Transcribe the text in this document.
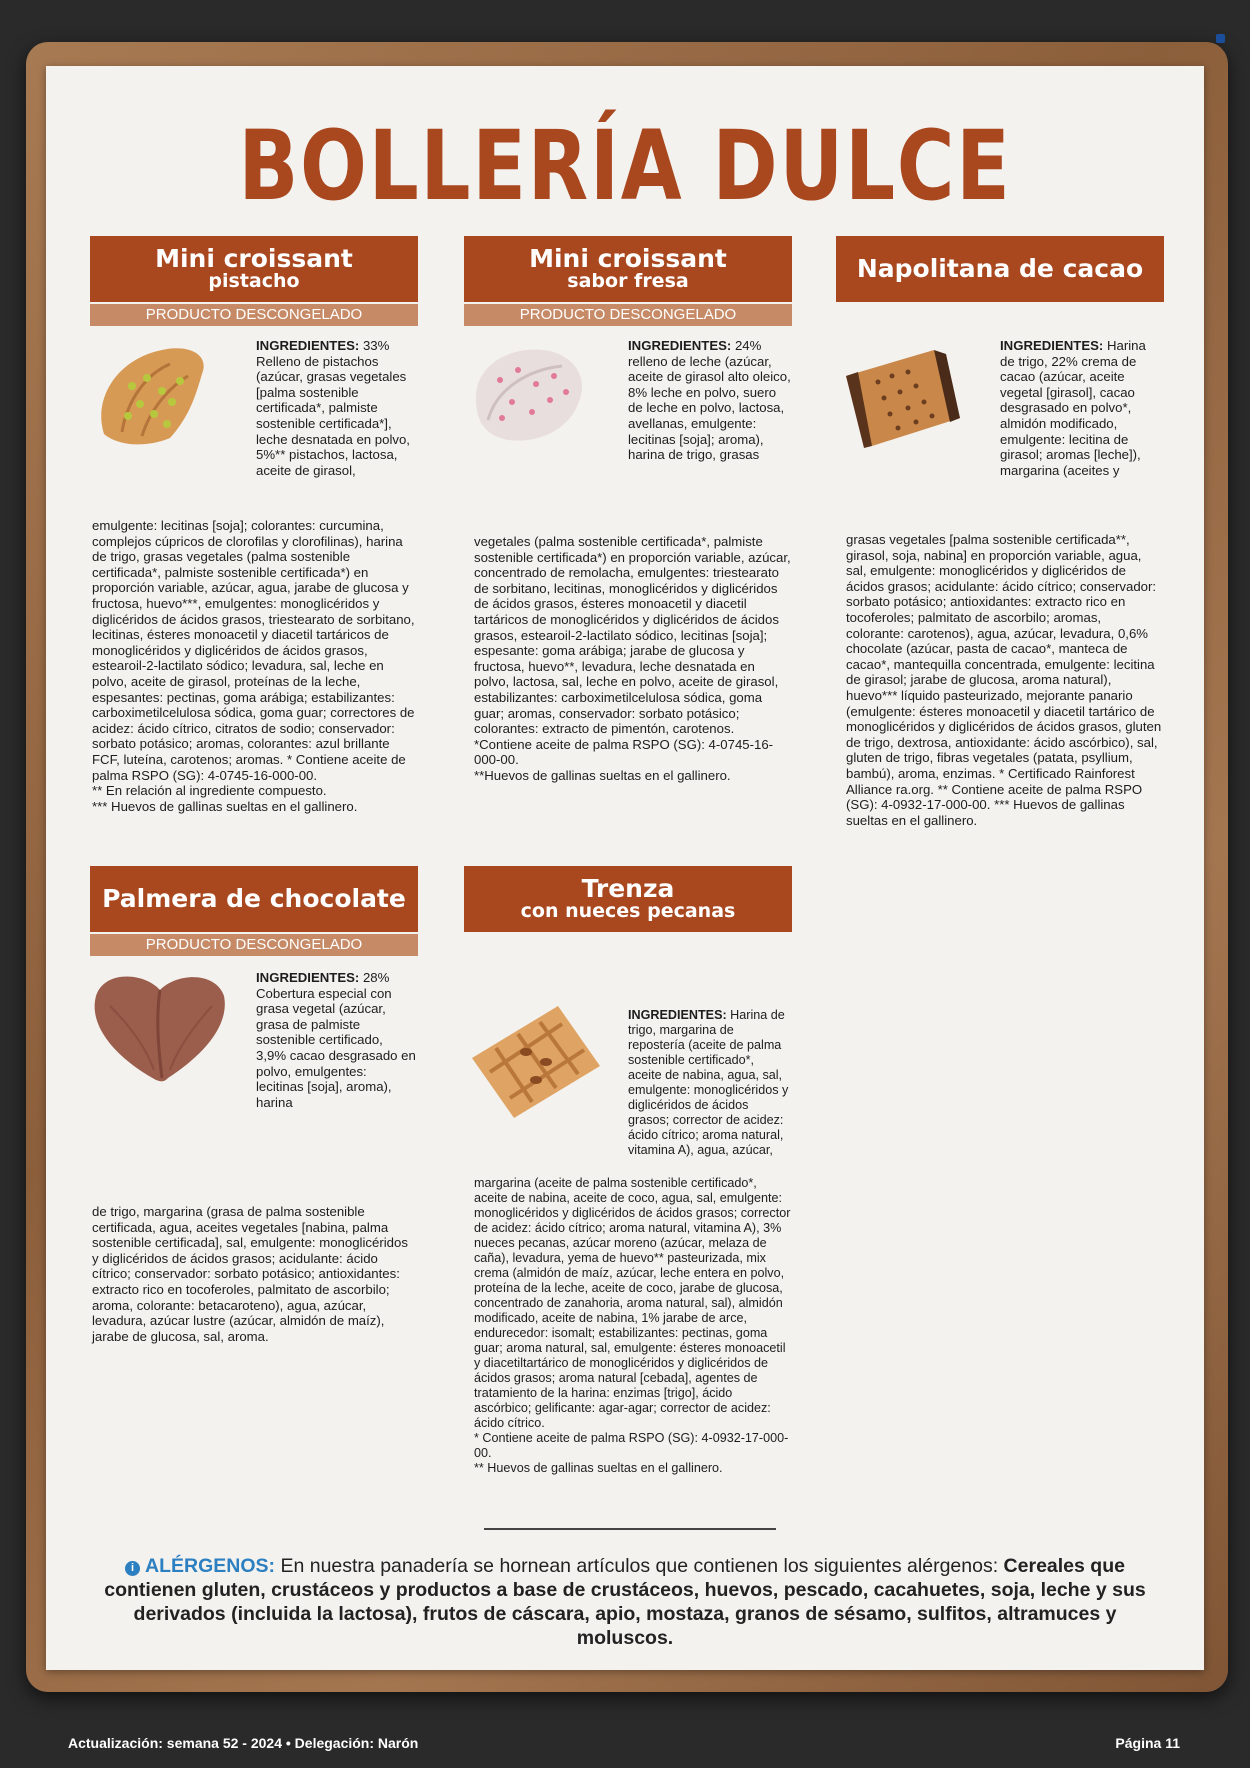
BOLLERÍA DULCE
Mini croissant
pistacho
PRODUCTO DESCONGELADO
INGREDIENTES: 33% Relleno de pistachos (azúcar, grasas vegetales [palma sostenible certificada*, palmiste sostenible certificada*], leche desnatada en polvo, 5%** pistachos, lactosa, aceite de girasol,
emulgente: lecitinas [soja]; colorantes: curcumina, complejos cúpricos de clorofilas y clorofilinas), harina de trigo, grasas vegetales (palma sostenible certificada*, palmiste sostenible certificada*) en proporción variable, azúcar, agua, jarabe de glucosa y fructosa, huevo***, emulgentes: monoglicéridos y diglicéridos de ácidos grasos, triestearato de sorbitano, lecitinas, ésteres monoacetil y diacetil tartáricos de monoglicéridos y diglicéridos de ácidos grasos, estearoil-2-lactilato sódico; levadura, sal, leche en polvo, aceite de girasol, proteínas de la leche, espesantes: pectinas, goma arábiga; estabilizantes: carboximetilcelulosa sódica, goma guar; correctores de acidez: ácido cítrico, citratos de sodio; conservador: sorbato potásico; aromas, colorantes: azul brillante FCF, luteína, carotenos; aromas. * Contiene aceite de palma RSPO (SG): 4-0745-16-000-00.
** En relación al ingrediente compuesto.
*** Huevos de gallinas sueltas en el gallinero.
Mini croissant
sabor fresa
PRODUCTO DESCONGELADO
INGREDIENTES: 24% relleno de leche (azúcar, aceite de girasol alto oleico, 8% leche en polvo, suero de leche en polvo, lactosa, avellanas, emulgente: lecitinas [soja]; aroma), harina de trigo, grasas
vegetales (palma sostenible certificada*, palmiste sostenible certificada*) en proporción variable, azúcar, concentrado de remolacha, emulgentes: triestearato de sorbitano, lecitinas, monoglicéridos y diglicéridos de ácidos grasos, ésteres monoacetil y diacetil tartáricos de monoglicéridos y diglicéridos de ácidos grasos, estearoil-2-lactilato sódico, lecitinas [soja]; espesante: goma arábiga; jarabe de glucosa y fructosa, huevo**, levadura, leche desnatada en polvo, lactosa, sal, leche en polvo, aceite de girasol, estabilizantes: carboximetilcelulosa sódica, goma guar; aromas, conservador: sorbato potásico; colorantes: extracto de pimentón, carotenos.
*Contiene aceite de palma RSPO (SG): 4-0745-16-000-00.
**Huevos de gallinas sueltas en el gallinero.
Napolitana de cacao
INGREDIENTES: Harina de trigo, 22% crema de cacao (azúcar, aceite vegetal [girasol], cacao desgrasado en polvo*, almidón modificado, emulgente: lecitina de girasol; aromas [leche]), margarina (aceites y
grasas vegetales [palma sostenible certificada**, girasol, soja, nabina] en proporción variable, agua, sal, emulgente: monoglicéridos y diglicéridos de ácidos grasos; acidulante: ácido cítrico; conservador: sorbato potásico; antioxidantes: extracto rico en tocoferoles; palmitato de ascorbilo; aromas, colorante: carotenos), agua, azúcar, levadura, 0,6% chocolate (azúcar, pasta de cacao*, manteca de cacao*, mantequilla concentrada, emulgente: lecitina de girasol; jarabe de glucosa, aroma natural), huevo*** líquido pasteurizado, mejorante panario (emulgente: ésteres monoacetil y diacetil tartárico de monoglicéridos y diglicéridos de ácidos grasos, gluten de trigo, dextrosa, antioxidante: ácido ascórbico), sal, gluten de trigo, fibras vegetales (patata, psyllium, bambú), aroma, enzimas. * Certificado Rainforest Alliance ra.org. ** Contiene aceite de palma RSPO (SG): 4-0932-17-000-00. *** Huevos de gallinas sueltas en el gallinero.
Palmera de chocolate
PRODUCTO DESCONGELADO
INGREDIENTES: 28% Cobertura especial con grasa vegetal (azúcar, grasa de palmiste sostenible certificado, 3,9% cacao desgrasado en polvo, emulgentes: lecitinas [soja], aroma), harina
de trigo, margarina (grasa de palma sostenible certificada, agua, aceites vegetales [nabina, palma sostenible certificada], sal, emulgente: monoglicéridos y diglicéridos de ácidos grasos; acidulante: ácido cítrico; conservador: sorbato potásico; antioxidantes: extracto rico en tocoferoles, palmitato de ascorbilo; aroma, colorante: betacaroteno), agua, azúcar, levadura, azúcar lustre (azúcar, almidón de maíz), jarabe de glucosa, sal, aroma.
Trenza
con nueces pecanas
INGREDIENTES: Harina de trigo, margarina de repostería (aceite de palma sostenible certificado*, aceite de nabina, agua, sal, emulgente: monoglicéridos y diglicéridos de ácidos grasos; corrector de acidez: ácido cítrico; aroma natural, vitamina A), agua, azúcar,
margarina (aceite de palma sostenible certificado*, aceite de nabina, aceite de coco, agua, sal, emulgente: monoglicéridos y diglicéridos de ácidos grasos; corrector de acidez: ácido cítrico; aroma natural, vitamina A), 3% nueces pecanas, azúcar moreno (azúcar, melaza de caña), levadura, yema de huevo** pasteurizada, mix crema (almidón de maíz, azúcar, leche entera en polvo, proteína de la leche, aceite de coco, jarabe de glucosa, concentrado de zanahoria, aroma natural, sal), almidón modificado, aceite de nabina, 1% jarabe de arce, endurecedor: isomalt; estabilizantes: pectinas, goma guar; aroma natural, sal, emulgente: ésteres monoacetil y diacetiltartárico de monoglicéridos y diglicéridos de ácidos grasos; aroma natural [cebada], agentes de tratamiento de la harina: enzimas [trigo], ácido ascórbico; gelificante: agar-agar; corrector de acidez: ácido cítrico.
* Contiene aceite de palma RSPO (SG): 4-0932-17-000-00.
** Huevos de gallinas sueltas en el gallinero.
i ALÉRGENOS: En nuestra panadería se hornean artículos que contienen los siguientes alérgenos: Cereales que contienen gluten, crustáceos y productos a base de crustáceos, huevos, pescado, cacahuetes, soja, leche y sus derivados (incluida la lactosa), frutos de cáscara, apio, mostaza, granos de sésamo, sulfitos, altramuces y moluscos.
Actualización: semana 52 - 2024 • Delegación: Narón	Página 11
